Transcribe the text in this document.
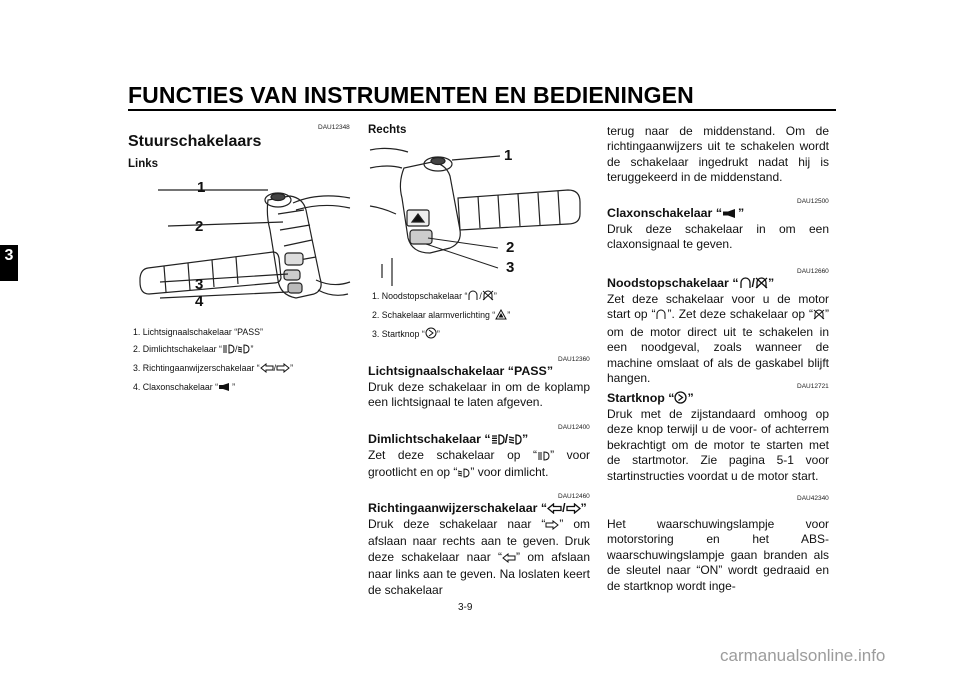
FUNCTIES VAN INSTRUMENTEN EN BEDIENINGEN
3
DAU12348
Stuurschakelaars
Links
1
2
3
4
1. Lichtsignaalschakelaar “PASS”
2. Dimlichtschakelaar “ / ”
3. Richtingaanwijzerschakelaar “ / ”
4. Claxonschakelaar “ ”
Rechts
1
2
3
1. Noodstopschakelaar “ / ”
2. Schakelaar alarmverlichting “ ”
3. Startknop “ ”
DAU12360
Lichtsignaalschakelaar “PASS”
Druk deze schakelaar in om de koplamp een lichtsignaal te laten afgeven.
DAU12400
Dimlichtschakelaar “ / ”
Zet deze schakelaar op “ ” voor grootlicht en op “ ” voor dimlicht.
DAU12460
Richtingaanwijzerschakelaar “ / ”
Druk deze schakelaar naar “ ” om afslaan naar rechts aan te geven. Druk deze schakelaar naar “ ” om afslaan naar links aan te geven. Na loslaten keert de schakelaar
terug naar de middenstand. Om de richtingaanwijzers uit te schakelen wordt de schakelaar ingedrukt nadat hij is teruggekeerd in de middenstand.
DAU12500
Claxonschakelaar “ ”
Druk deze schakelaar in om een claxonsignaal te geven.
DAU12660
Noodstopschakelaar “ / ”
Zet deze schakelaar voor u de motor start op “ ”. Zet deze schakelaar op “ ” om de motor direct uit te schakelen in een noodgeval, zoals wanneer de machine omslaat of als de gaskabel blijft hangen.
DAU12721
Startknop “ ”
Druk met de zijstandaard omhoog op deze knop terwijl u de voor- of achterrem bekrachtigt om de motor te starten met de startmotor. Zie pagina 5-1 voor startinstructies voordat u de motor start.
DAU42340
Het waarschuwingslampje voor motorstoring en het ABS-waarschuwingslampje gaan branden als de sleutel naar “ON” wordt gedraaid en de startknop wordt inge-
3-9
carmanualsonline.info
